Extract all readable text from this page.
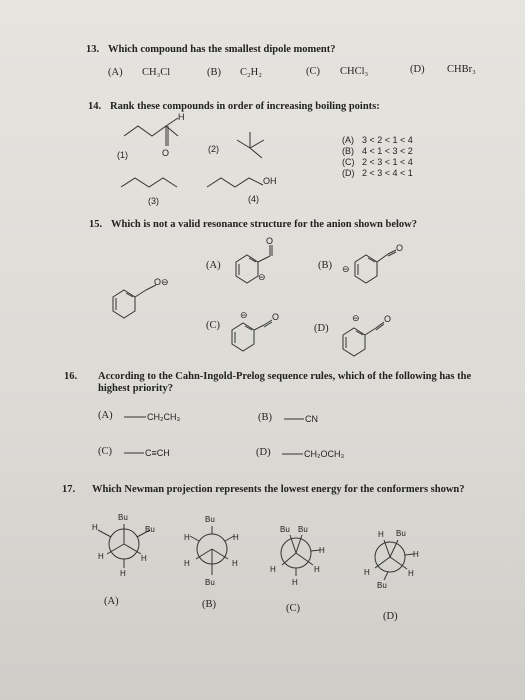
13. Which compound has the smallest dipole moment?
(A) CH₃Cl	(B) C₂H₂	(C) CHCl₃	(D) CHBr₃
14. Rank these compounds in order of increasing boiling points:
(1)
H
O	(2)
(3)
OH
(4)
(A) 3 < 2 < 1 < 4
(B) 4 < 1 < 3 < 2
(C) 2 < 3 < 1 < 4
(D) 2 < 3 < 4 < 1
15. Which is not a valid resonance structure for the anion shown below?
O⊖
(A)
O
⊖
(B)
O
⊖
(C)
O
⊖
(D)
O
⊖
16. According to the Cahn-Ingold-Prelog sequence rules, which of the following has the highest priority?
(A)	CH₂CH₃	(B)	CN
(C)	C≡CH	(D)	CH₂OCH₃
17. Which Newman projection represents the lowest energy for the conformers shown?
Bu
H	Bu
H	H
H
(A)
Bu
H	H
H	H
Bu
(B)
Bu Bu
H
H	H
H
(C)
H Bu
H
H	H
Bu
(D)
